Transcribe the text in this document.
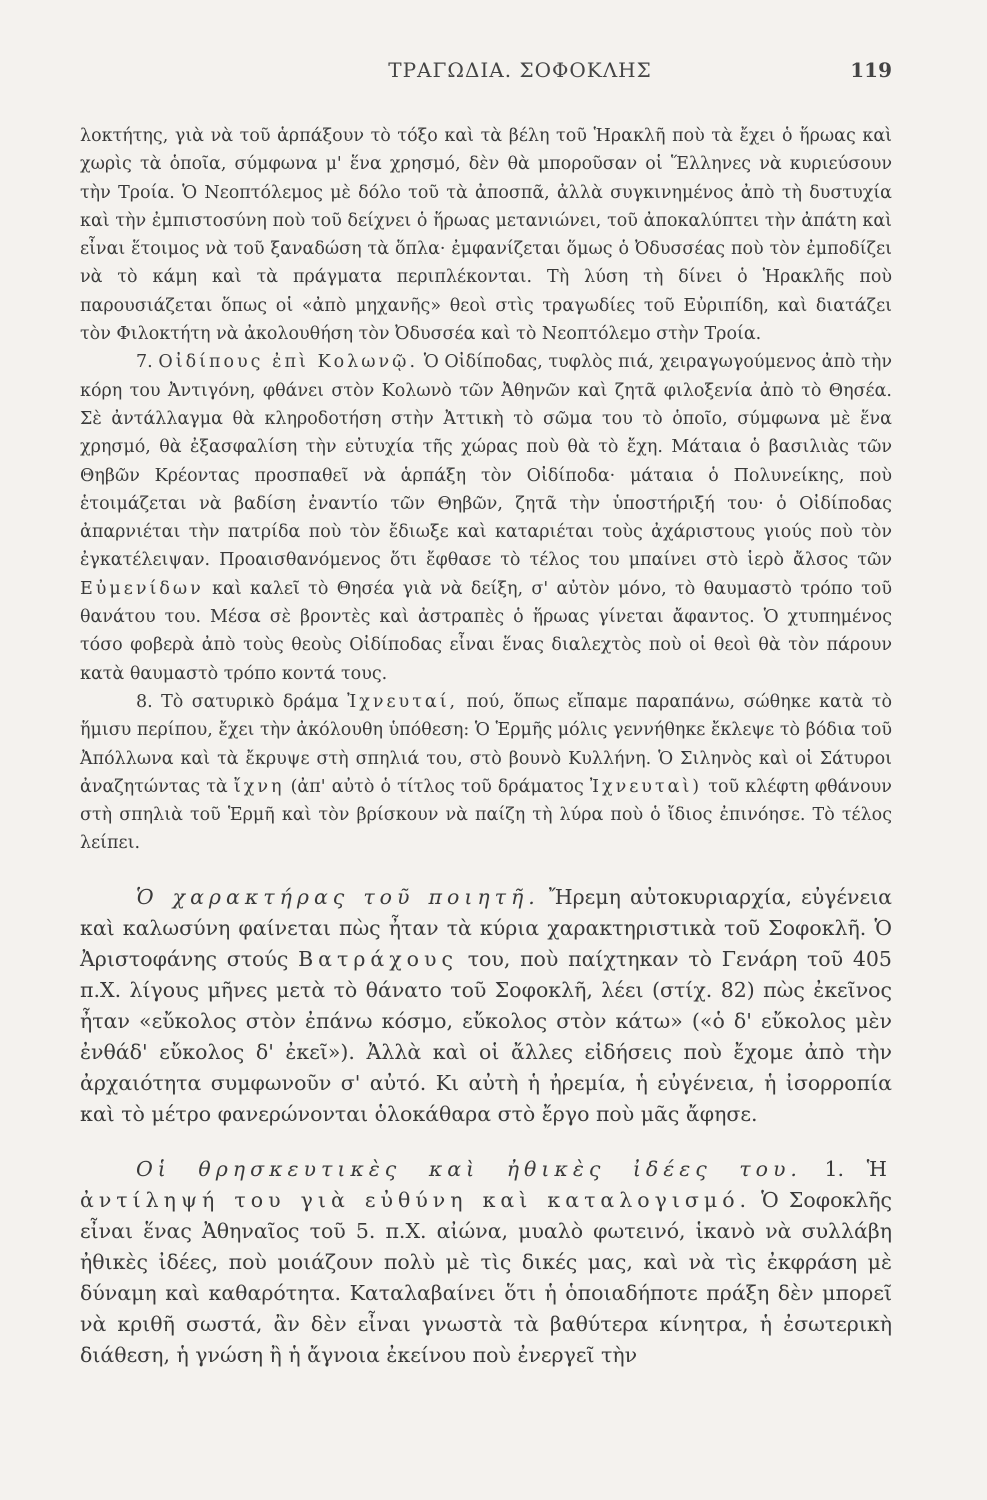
ΤΡΑΓΩΔΙΑ. ΣΟΦΟΚΛΗΣ	119

λοκτήτης, γιὰ νὰ τοῦ ἁρπάξουν τὸ τόξο καὶ τὰ βέλη τοῦ Ἡρακλῆ ποὺ τὰ ἔχει ὁ ἥρωας καὶ χωρὶς τὰ ὁποῖα, σύμφωνα μ' ἕνα χρησμό, δὲν θὰ μποροῦσαν οἱ Ἕλληνες νὰ κυριεύσουν τὴν Τροία. Ὁ Νεοπτόλεμος μὲ δόλο τοῦ τὰ ἀποσπᾶ, ἀλλὰ συγκινημένος ἀπὸ τὴ δυστυχία καὶ τὴν ἐμπιστοσύνη ποὺ τοῦ δείχνει ὁ ἥρωας μετανιώνει, τοῦ ἀποκαλύπτει τὴν ἀπάτη καὶ εἶναι ἕτοιμος νὰ τοῦ ξαναδώση τὰ ὅπλα· ἐμφανίζεται ὅμως ὁ Ὀδυσσέας ποὺ τὸν ἐμποδίζει νὰ τὸ κάμη καὶ τὰ πράγματα περιπλέκονται. Τὴ λύση τὴ δίνει ὁ Ἡρακλῆς ποὺ παρουσιάζεται ὅπως οἱ «ἀπὸ μηχανῆς» θεοὶ στὶς τραγωδίες τοῦ Εὐριπίδη, καὶ διατάζει τὸν Φιλοκτήτη νὰ ἀκολουθήση τὸν Ὀδυσσέα καὶ τὸ Νεοπτόλεμο στὴν Τροία.

7. Οἰδίπους ἐπὶ Κολωνῷ. Ὁ Οἰδίποδας, τυφλὸς πιά, χειραγωγούμενος ἀπὸ τὴν κόρη του Ἀντιγόνη, φθάνει στὸν Κολωνὸ τῶν Ἀθηνῶν καὶ ζητᾶ φιλοξενία ἀπὸ τὸ Θησέα. Σὲ ἀντάλλαγμα θὰ κληροδοτήση στὴν Ἀττικὴ τὸ σῶμα του τὸ ὁποῖο, σύμφωνα μὲ ἕνα χρησμό, θὰ ἐξασφαλίση τὴν εὐτυχία τῆς χώρας ποὺ θὰ τὸ ἔχη. Μάταια ὁ βασιλιὰς τῶν Θηβῶν Κρέοντας προσπαθεῖ νὰ ἁρπάξη τὸν Οἰδίποδα· μάταια ὁ Πολυνείκης, ποὺ ἑτοιμάζεται νὰ βαδίση ἐναντίο τῶν Θηβῶν, ζητᾶ τὴν ὑποστήριξή του· ὁ Οἰδίποδας ἀπαρνιέται τὴν πατρίδα ποὺ τὸν ἔδιωξε καὶ καταριέται τοὺς ἀχάριστους γιούς ποὺ τὸν ἐγκατέλειψαν. Προαισθανόμενος ὅτι ἔφθασε τὸ τέλος του μπαίνει στὸ ἱερὸ ἄλσος τῶν Εὐμενίδων καὶ καλεῖ τὸ Θησέα γιὰ νὰ δείξη, σ' αὐτὸν μόνο, τὸ θαυμαστὸ τρόπο τοῦ θανάτου του. Μέσα σὲ βροντὲς καὶ ἀστραπὲς ὁ ἥρωας γίνεται ἄφαντος. Ὁ χτυπημένος τόσο φοβερὰ ἀπὸ τοὺς θεοὺς Οἰδίποδας εἶναι ἕνας διαλεχτὸς ποὺ οἱ θεοὶ θὰ τὸν πάρουν κατὰ θαυμαστὸ τρόπο κοντά τους.

8. Τὸ σατυρικὸ δράμα Ἰχνευταί, πού, ὅπως εἴπαμε παραπάνω, σώθηκε κατὰ τὸ ἥμισυ περίπου, ἔχει τὴν ἀκόλουθη ὑπόθεση: Ὁ Ἑρμῆς μόλις γεννήθηκε ἔκλεψε τὸ βόδια τοῦ Ἀπόλλωνα καὶ τὰ ἔκρυψε στὴ σπηλιά του, στὸ βουνὸ Κυλλήνη. Ὁ Σιληνὸς καὶ οἱ Σάτυροι ἀναζητώντας τὰ ἴχνη (ἀπ' αὐτὸ ὁ τίτλος τοῦ δράματος Ἰχνευταὶ) τοῦ κλέφτη φθάνουν στὴ σπηλιὰ τοῦ Ἑρμῆ καὶ τὸν βρίσκουν νὰ παίζη τὴ λύρα ποὺ ὁ ἴδιος ἐπινόησε. Τὸ τέλος λείπει.

Ὁ χαρακτήρας τοῦ ποιητῆ. Ἤρεμη αὐτοκυριαρχία, εὐγένεια καὶ καλωσύνη φαίνεται πὼς ἦταν τὰ κύρια χαρακτηριστικὰ τοῦ Σοφοκλῆ. Ὁ Ἀριστοφάνης στούς Βατράχους του, ποὺ παίχτηκαν τὸ Γενάρη τοῦ 405 π.Χ. λίγους μῆνες μετὰ τὸ θάνατο τοῦ Σοφοκλῆ, λέει (στίχ. 82) πὼς ἐκεῖνος ἦταν «εὔκολος στὸν ἐπάνω κόσμο, εὔκολος στὸν κάτω» («ὁ δ' εὔκολος μὲν ἐνθάδ' εὔκολος δ' ἐκεῖ»). Ἀλλὰ καὶ οἱ ἄλλες εἰδήσεις ποὺ ἔχομε ἀπὸ τὴν ἀρχαιότητα συμφωνοῦν σ' αὐτό. Κι αὐτὴ ἡ ἠρεμία, ἡ εὐγένεια, ἡ ἰσορροπία καὶ τὸ μέτρο φανερώνονται ὁλοκάθαρα στὸ ἔργο ποὺ μᾶς ἄφησε.

Οἱ θρησκευτικὲς καὶ ἠθικὲς ἰδέες του. 1. Ἡ ἀντίληψή του γιὰ εὐθύνη καὶ καταλογισμό. Ὁ Σοφοκλῆς εἶναι ἕνας Ἀθηναῖος τοῦ 5. π.Χ. αἰώνα, μυαλὸ φωτεινό, ἱκανὸ νὰ συλλάβη ἠθικὲς ἰδέες, ποὺ μοιάζουν πολὺ μὲ τὶς δικές μας, καὶ νὰ τὶς ἐκφράση μὲ δύναμη καὶ καθαρότητα. Καταλαβαίνει ὅτι ἡ ὁποιαδήποτε πράξη δὲν μπορεῖ νὰ κριθῆ σωστά, ἂν δὲν εἶναι γνωστὰ τὰ βαθύτερα κίνητρα, ἡ ἐσωτερικὴ διάθεση, ἡ γνώση ἢ ἡ ἄγνοια ἐκείνου ποὺ ἐνεργεῖ τὴν
